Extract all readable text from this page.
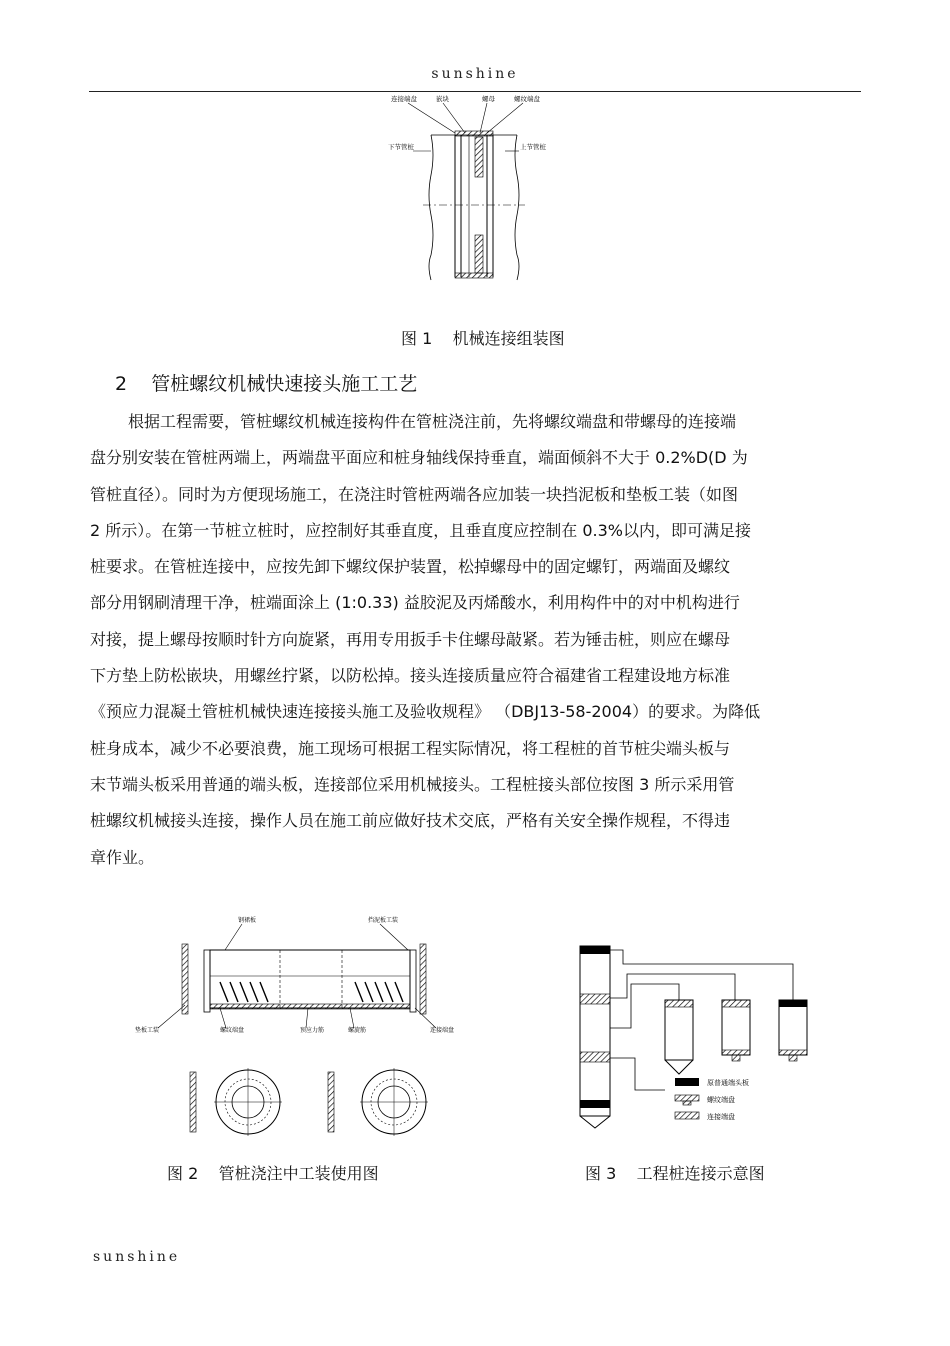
sunshine
连接端盘	嵌块	螺母	螺纹端盘
下节管桩	上节管桩
图 1    机械连接组装图
2    管桩螺纹机械快速接头施工工艺
根据工程需要，管桩螺纹机械连接构件在管桩浇注前，先将螺纹端盘和带螺母的连接端
盘分别安装在管桩两端上，两端盘平面应和桩身轴线保持垂直，端面倾斜不大于 0.2%D(D 为
管桩直径）。同时为方便现场施工，在浇注时管桩两端各应加装一块挡泥板和垫板工装（如图
2 所示）。在第一节桩立桩时，应控制好其垂直度，且垂直度应控制在 0.3%以内，即可满足接
桩要求。在管桩连接中，应按先卸下螺纹保护装置，松掉螺母中的固定螺钉，两端面及螺纹
部分用钢刷清理干净，桩端面涂上 (1:0.33) 益胶泥及丙烯酸水，利用构件中的对中机构进行
对接，提上螺母按顺时针方向旋紧，再用专用扳手卡住螺母敲紧。若为锤击桩，则应在螺母
下方垫上防松嵌块，用螺丝拧紧，以防松掉。接头连接质量应符合福建省工程建设地方标准
《预应力混凝土管桩机械快速连接接头施工及验收规程》 （DBJ13-58-2004）的要求。为降低
桩身成本，减少不必要浪费，施工现场可根据工程实际情况，将工程桩的首节桩尖端头板与
末节端头板采用普通的端头板，连接部位采用机械接头。工程桩接头部位按图 3 所示采用管
桩螺纹机械接头连接，操作人员在施工前应做好技术交底，严格有关安全操作规程，不得违
章作业。
钢裙板	挡泥板工装
垫板工装	螺纹端盘	预应力筋	螺旋筋	连接端盘
图 2    管桩浇注中工装使用图
原普通端头板
螺纹端盘
连接端盘
图 3    工程桩连接示意图
sunshine
